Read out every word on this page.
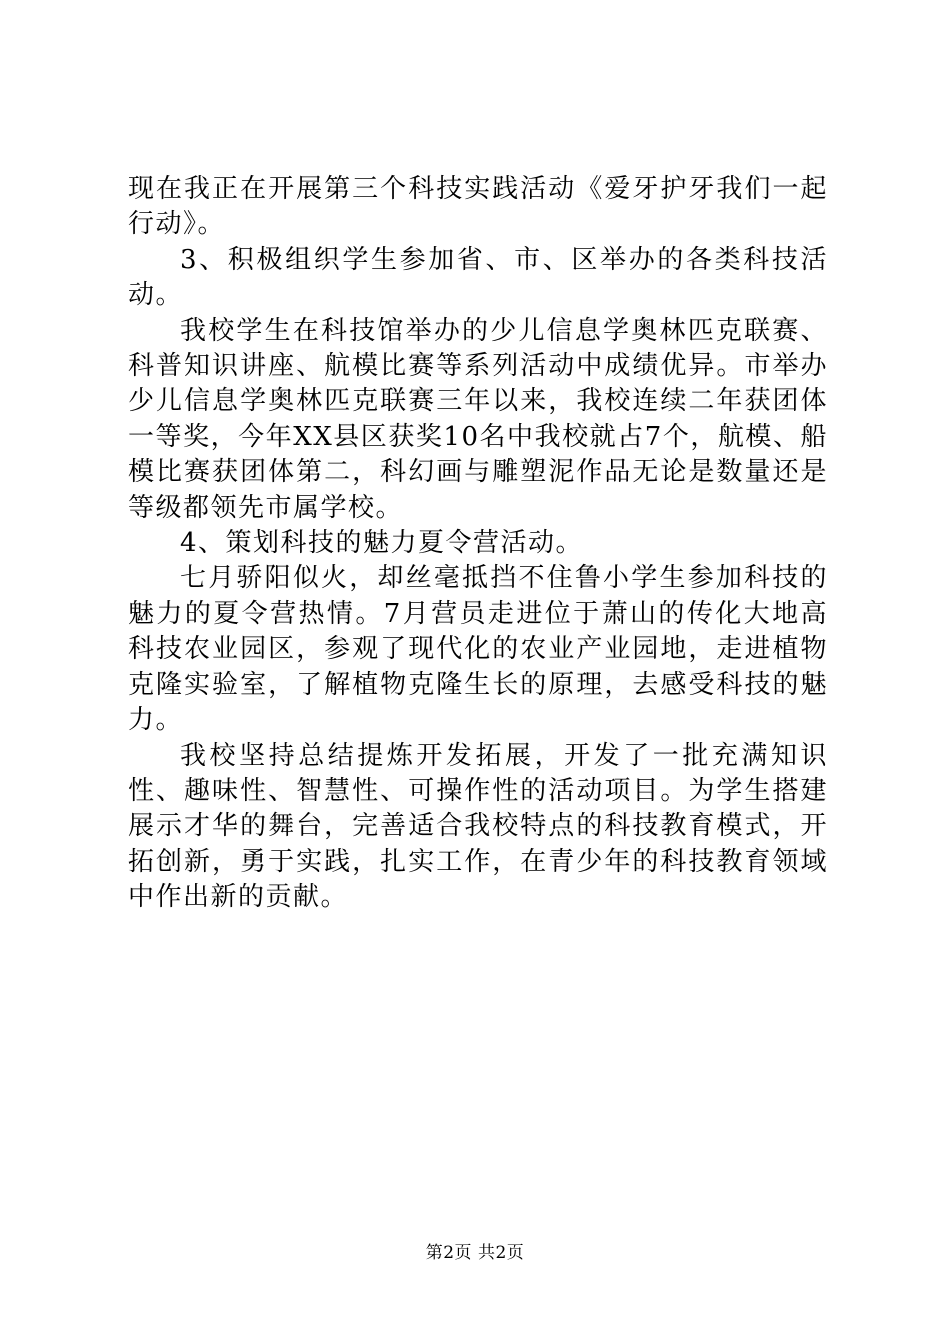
现在我正在开展第三个科技实践活动《爱牙护牙我们一起行动》。

3、积极组织学生参加省、市、区举办的各类科技活动。

我校学生在科技馆举办的少儿信息学奥林匹克联赛、科普知识讲座、航模比赛等系列活动中成绩优异。市举办少儿信息学奥林匹克联赛三年以来，我校连续二年获团体一等奖，今年XX县区获奖10名中我校就占7个，航模、船模比赛获团体第二，科幻画与雕塑泥作品无论是数量还是等级都领先市属学校。

4、策划科技的魅力夏令营活动。

七月骄阳似火，却丝毫抵挡不住鲁小学生参加科技的魅力的夏令营热情。7月营员走进位于萧山的传化大地高科技农业园区，参观了现代化的农业产业园地，走进植物克隆实验室，了解植物克隆生长的原理，去感受科技的魅力。

我校坚持总结提炼开发拓展，开发了一批充满知识性、趣味性、智慧性、可操作性的活动项目。为学生搭建展示才华的舞台，完善适合我校特点的科技教育模式，开拓创新，勇于实践，扎实工作，在青少年的科技教育领域中作出新的贡献。

第2页 共2页
